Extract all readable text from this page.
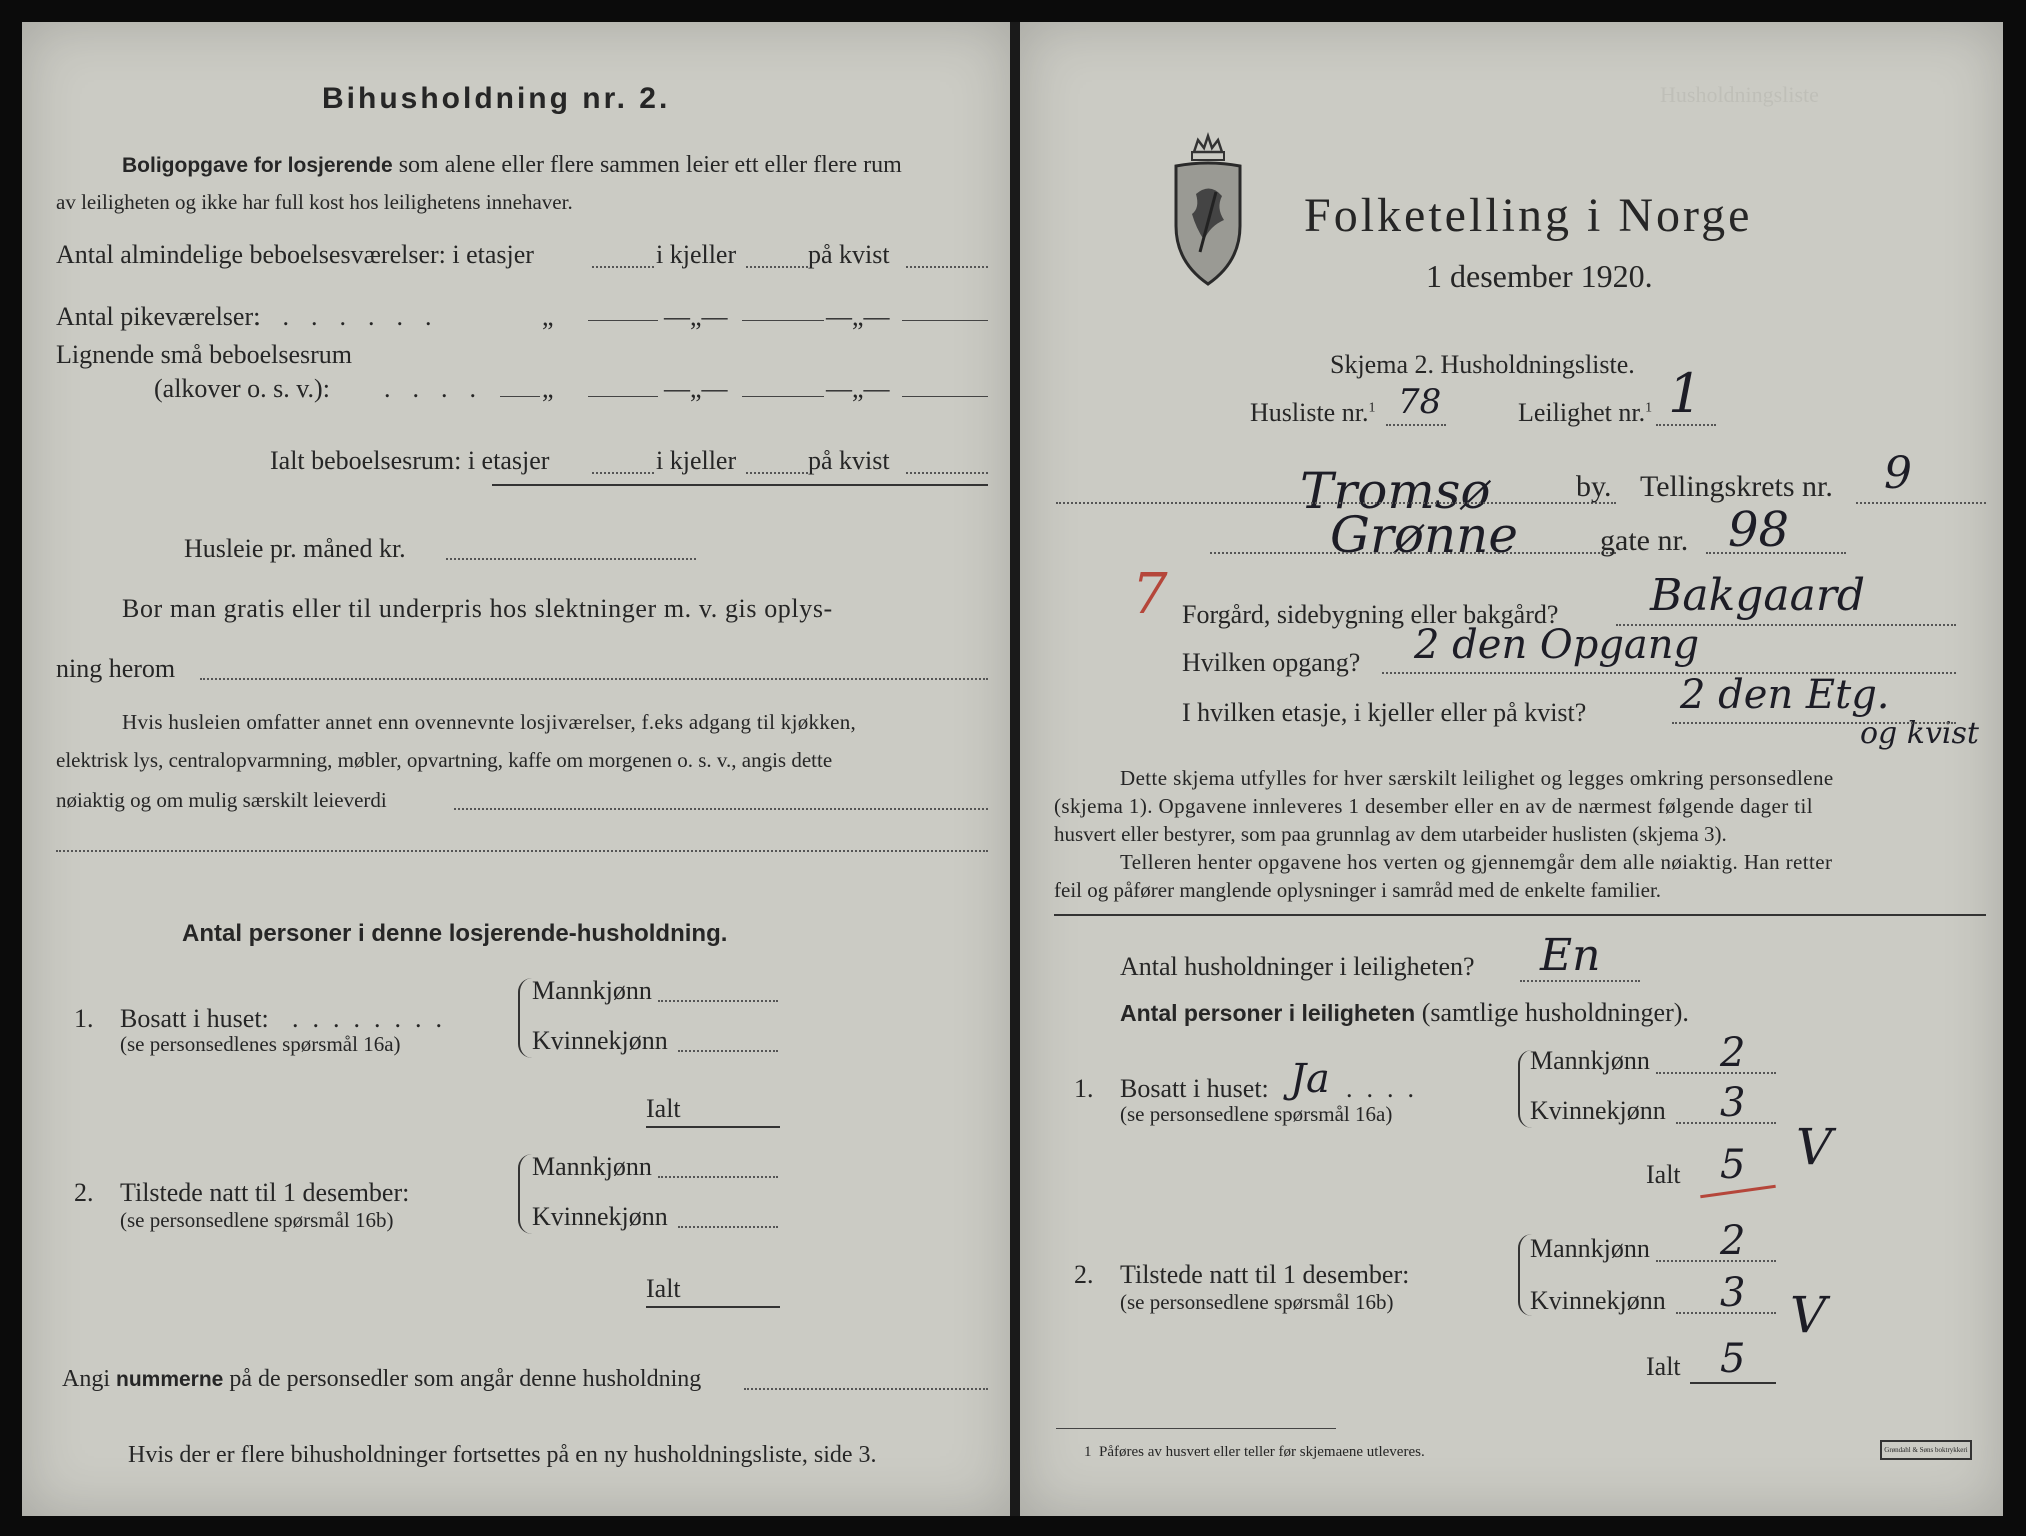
Bihusholdning nr. 2.
Boligopgave for losjerende som alene eller flere sammen leier ett eller flere rum
av leiligheten og ikke har full kost hos leilighetens innehaver.
Antal almindelige beboelsesværelser: i etasjer	i kjeller	på kvist
Antal pikeværelser:
.......	„	—„—	—„—
Lignende små beboelsesrum
(alkover o. s. v.): .... „	—„—	—„—
Ialt beboelsesrum: i etasjer	i kjeller	på kvist
Husleie pr. måned kr.
Bor man gratis eller til underpris hos slektninger m. v. gis oplys-
ning herom
Hvis husleien omfatter annet enn ovennevnte losjiværelser, f.eks adgang til kjøkken,
elektrisk lys, centralopvarmning, møbler, opvartning, kaffe om morgenen o. s. v., angis dette
nøiaktig og om mulig særskilt leieverdi
Antal personer i denne losjerende-husholdning.
1. Bosatt i huset: ........
(se personsedlenes spørsmål 16a)
Mannkjønn
Kvinnekjønn
Ialt
2. Tilstede natt til 1 desember:
(se personsedlene spørsmål 16b)
Mannkjønn
Kvinnekjønn
Ialt
Angi nummerne på de personsedler som angår denne husholdning
Hvis der er flere bihusholdninger fortsettes på en ny husholdningsliste, side 3.
Husholdningsliste
Folketelling i Norge
1 desember 1920.
Skjema 2. Husholdningsliste.
Husliste nr.$^1$ 78	Leilighet nr.$^1$ 1
Tromsø	by. Tellingskrets nr. 9
Grønne	gate nr. 98
7 Forgård, sidebygning eller bakgård? Bakgaard
Hvilken opgang? 2 den Opgang
I hvilken etasje, i kjeller eller på kvist? 2 den Etg.
og kvist
Dette skjema utfylles for hver særskilt leilighet og legges omkring personsedlene
(skjema 1). Opgavene innleveres 1 desember eller en av de nærmest følgende dager til
husvert eller bestyrer, som paa grunnlag av dem utarbeider huslisten (skjema 3).
Telleren henter opgavene hos verten og gjennemgår dem alle nøiaktig. Han retter
feil og påfører manglende oplysninger i samråd med de enkelte familier.
Antal husholdninger i leiligheten? En
Antal personer i leiligheten (samtlige husholdninger).
1. Bosatt i huset: Ja ....
(se personsedlene spørsmål 16a)
Mannkjønn 2
Kvinnekjønn 3
Ialt 5 V
2. Tilstede natt til 1 desember:
(se personsedlene spørsmål 16b)
Mannkjønn 2
Kvinnekjønn 3 V
Ialt 5
1 Påføres av husvert eller teller før skjemaene utleveres.	Grøndahl & Søns boktrykkeri
